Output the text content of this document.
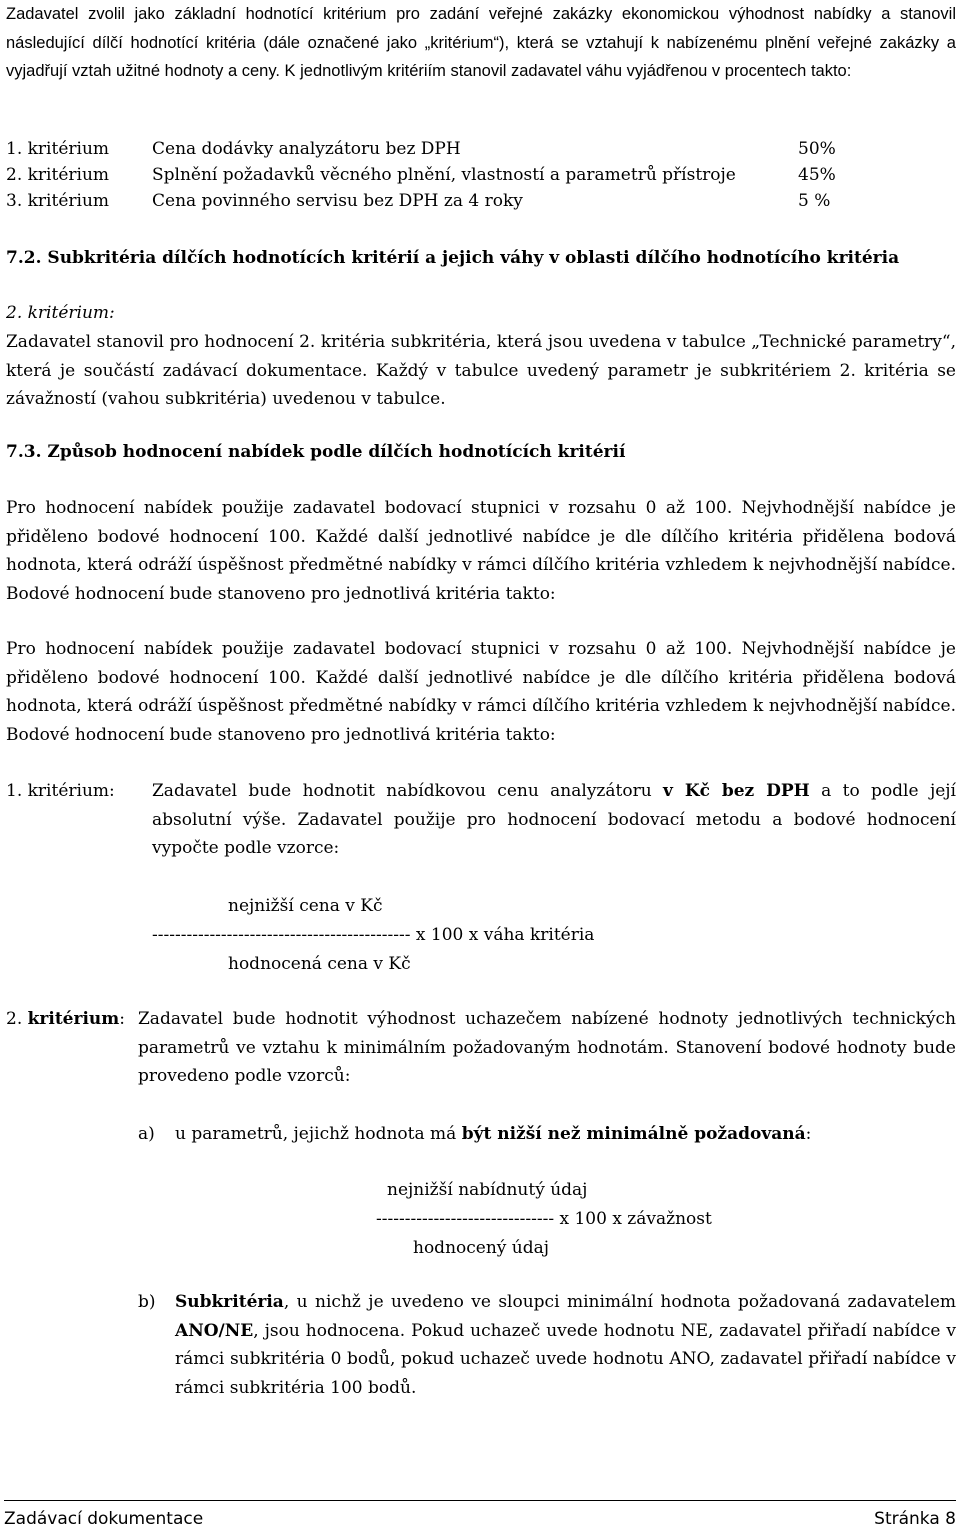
Zadavatel zvolil jako základní hodnotící kritérium pro zadání veřejné zakázky ekonomickou výhodnost nabídky a stanovil následující dílčí hodnotící kritéria (dále označené jako „kritérium“), která se vztahují k nabízenému plnění veřejné zakázky a vyjadřují vztah užitné hodnoty a ceny. K jednotlivým kritériím stanovil zadavatel váhu vyjádřenou v procentech takto:

1. kritérium	Cena dodávky analyzátoru bez DPH	50%
2. kritérium	Splnění požadavků věcného plnění, vlastností a parametrů přístroje	45%
3. kritérium	Cena povinného servisu bez DPH za 4 roky	5 %

7.2. Subkritéria dílčích hodnotících kritérií a jejich váhy v oblasti dílčího hodnotícího kritéria

2. kritérium:

Zadavatel stanovil pro hodnocení 2. kritéria subkritéria, která jsou uvedena v tabulce „Technické parametry“, která je součástí zadávací dokumentace. Každý v tabulce uvedený parametr je subkritériem 2. kritéria se závažností (vahou subkritéria) uvedenou v tabulce.

7.3. Způsob hodnocení nabídek podle dílčích hodnotících kritérií

Pro hodnocení nabídek použije zadavatel bodovací stupnici v rozsahu 0 až 100. Nejvhodnější nabídce je přiděleno bodové hodnocení 100. Každé další jednotlivé nabídce je dle dílčího kritéria přidělena bodová hodnota, která odráží úspěšnost předmětné nabídky v rámci dílčího kritéria vzhledem k nejvhodnější nabídce. Bodové hodnocení bude stanoveno pro jednotlivá kritéria takto:

Pro hodnocení nabídek použije zadavatel bodovací stupnici v rozsahu 0 až 100. Nejvhodnější nabídce je přiděleno bodové hodnocení 100. Každé další jednotlivé nabídce je dle dílčího kritéria přidělena bodová hodnota, která odráží úspěšnost předmětné nabídky v rámci dílčího kritéria vzhledem k nejvhodnější nabídce. Bodové hodnocení bude stanoveno pro jednotlivá kritéria takto:

1. kritérium:	Zadavatel bude hodnotit nabídkovou cenu analyzátoru v Kč bez DPH a to podle její absolutní výše. Zadavatel použije pro hodnocení bodovací metodu a bodové hodnocení vypočte podle vzorce:
nejnižší cena v Kč
--------------------------------------------- x 100 x váha kritéria
hodnocená cena v Kč
2. kritérium: Zadavatel bude hodnotit výhodnost uchazečem nabízené hodnoty jednotlivých technických parametrů ve vztahu k minimálním požadovaným hodnotám. Stanovení bodové hodnoty bude provedeno podle vzorců:
a)	u parametrů, jejichž hodnota má být nižší než minimálně požadovaná:
nejnižší nabídnutý údaj
------------------------------- x 100 x závažnost
hodnocený údaj
b)	Subkritéria, u nichž je uvedeno ve sloupci minimální hodnota požadovaná zadavatelem ANO/NE, jsou hodnocena. Pokud uchazeč uvede hodnotu NE, zadavatel přiřadí nabídce v rámci subkritéria 0 bodů, pokud uchazeč uvede hodnotu ANO, zadavatel přiřadí nabídce v rámci subkritéria 100 bodů.
Zadávací dokumentace	Stránka 8
